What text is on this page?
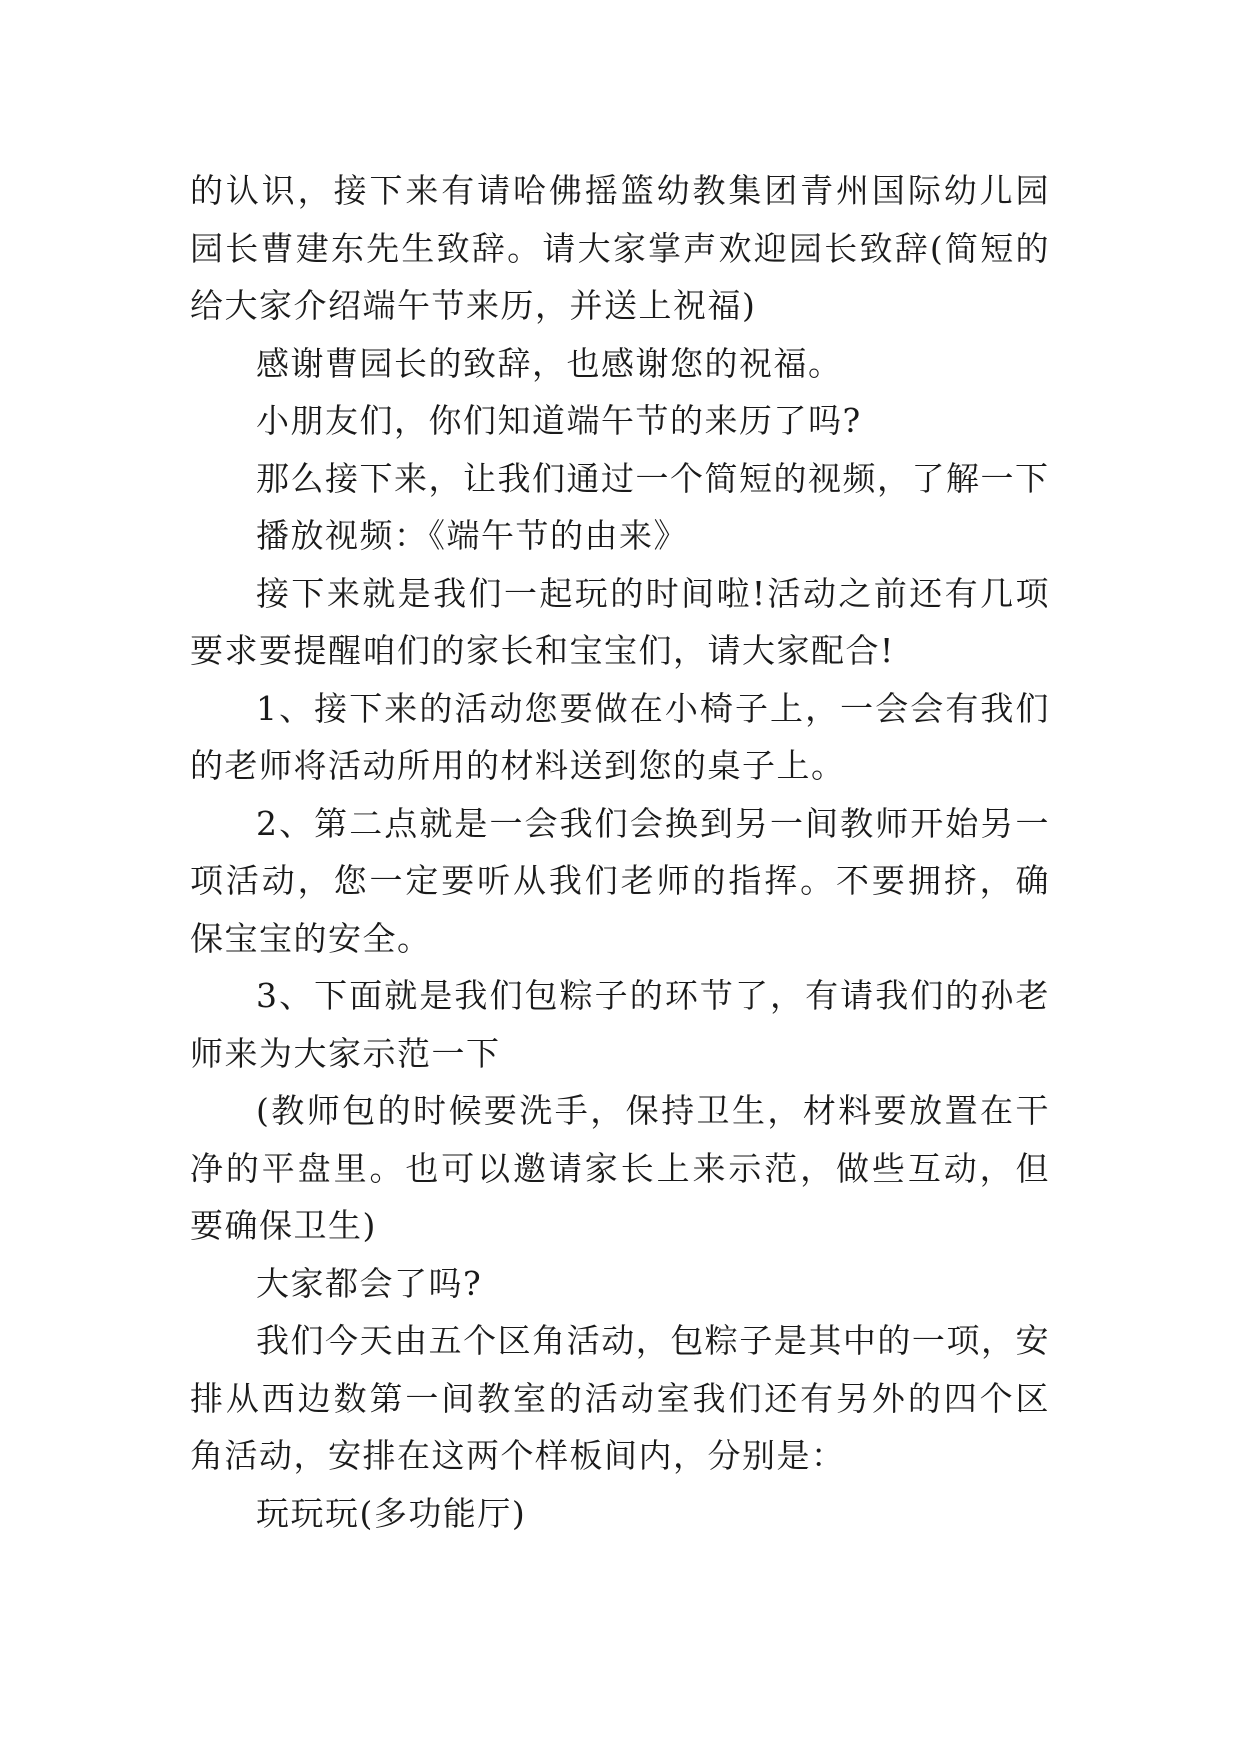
的认识，接下来有请哈佛摇篮幼教集团青州国际幼儿园园长曹建东先生致辞。请大家掌声欢迎园长致辞(简短的给大家介绍端午节来历，并送上祝福)

感谢曹园长的致辞，也感谢您的祝福。

小朋友们，你们知道端午节的来历了吗?

那么接下来，让我们通过一个简短的视频，了解一下

播放视频：《端午节的由来》

接下来就是我们一起玩的时间啦!活动之前还有几项要求要提醒咱们的家长和宝宝们，请大家配合!

1、接下来的活动您要做在小椅子上，一会会有我们的老师将活动所用的材料送到您的桌子上。

2、第二点就是一会我们会换到另一间教师开始另一项活动，您一定要听从我们老师的指挥。不要拥挤，确保宝宝的安全。

3、下面就是我们包粽子的环节了，有请我们的孙老师来为大家示范一下

(教师包的时候要洗手，保持卫生，材料要放置在干净的平盘里。也可以邀请家长上来示范，做些互动，但要确保卫生)

大家都会了吗?

我们今天由五个区角活动，包粽子是其中的一项，安排从西边数第一间教室的活动室我们还有另外的四个区角活动，安排在这两个样板间内，分别是：

玩玩玩(多功能厅)
